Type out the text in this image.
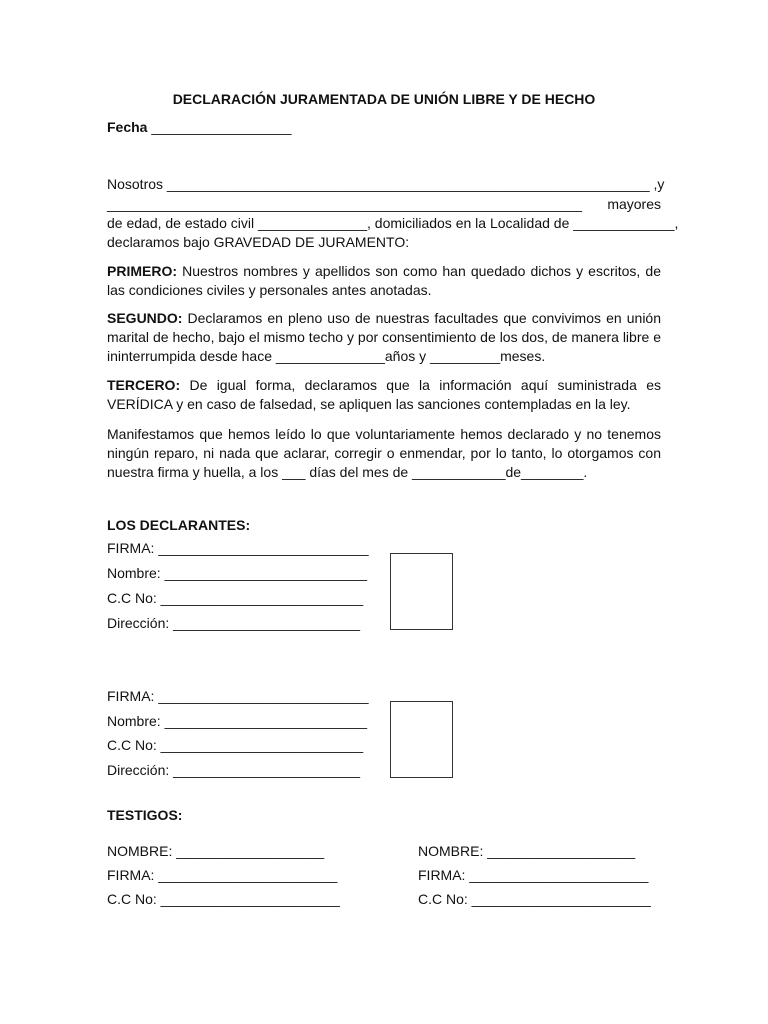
DECLARACIÓN JURAMENTADA DE UNIÓN LIBRE Y DE HECHO
Fecha __________________
Nosotros ______________________________________________________________ ,y
_____________________________________________________________ mayores
de edad, de estado civil ______________, domiciliados en la Localidad de _____________,
declaramos bajo GRAVEDAD DE JURAMENTO:
PRIMERO: Nuestros nombres y apellidos son como han quedado dichos y escritos, de las condiciones civiles y personales antes anotadas.
SEGUNDO: Declaramos en pleno uso de nuestras facultades que convivimos en unión marital de hecho, bajo el mismo techo y por consentimiento de los dos, de manera libre e ininterrumpida desde hace ______________años y _________meses.
TERCERO: De igual forma, declaramos que la información aquí suministrada es VERÍDICA y en caso de falsedad, se apliquen las sanciones contempladas en la ley.
Manifestamos que hemos leído lo que voluntariamente hemos declarado y no tenemos ningún reparo, ni nada que aclarar, corregir o enmendar, por lo tanto, lo otorgamos con nuestra firma y huella, a los ___ días del mes de ____________de________.
LOS DECLARANTES:
FIRMA: ___________________________
Nombre: __________________________
C.C No: __________________________
Dirección: ________________________
FIRMA: ___________________________
Nombre: __________________________
C.C No: __________________________
Dirección: ________________________
TESTIGOS:
NOMBRE: ___________________
FIRMA: _______________________
C.C No: _______________________
NOMBRE: ___________________
FIRMA: _______________________
C.C No: _______________________
